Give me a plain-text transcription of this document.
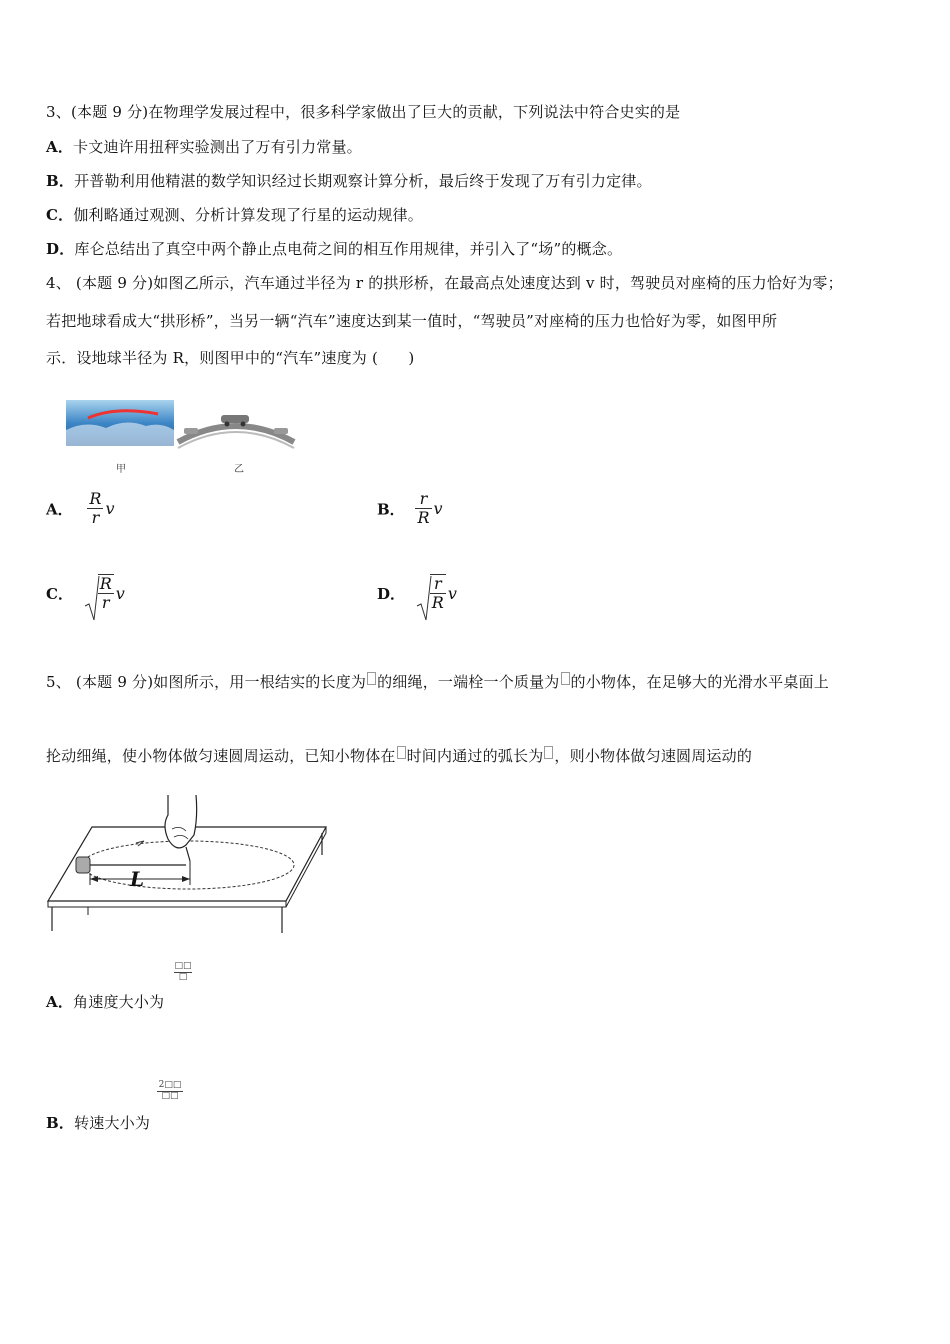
3、(本题 9 分)在物理学发展过程中，很多科学家做出了巨大的贡献，下列说法中符合史实的是
A．卡文迪许用扭秤实验测出了万有引力常量。
B．开普勒利用他精湛的数学知识经过长期观察计算分析，最后终于发现了万有引力定律。
C．伽利略通过观测、分析计算发现了行星的运动规律。
D．库仑总结出了真空中两个静止点电荷之间的相互作用规律，并引入了“场”的概念。
4、 (本题 9 分)如图乙所示，汽车通过半径为 r 的拱形桥，在最高点处速度达到 v 时，驾驶员对座椅的压力恰好为零；
若把地球看成大“拱形桥”，当另一辆“汽车”速度达到某一值时，“驾驶员”对座椅的压力也恰好为零，如图甲所
示．设地球半径为 R，则图甲中的“汽车”速度为 (　　)
甲	乙
A． $\frac{R}{r}$ v	B． $\frac{r}{R}$ v
C． $\frac{R}{r}$ v	D． $\frac{r}{R}$ v
5、 (本题 9 分)如图所示，用一根结实的长度为 的细绳，一端栓一个质量为 的小物体，在足够大的光滑水平桌面上
抡动细绳，使小物体做匀速圆周运动，已知小物体在 时间内通过的弧长为 ，则小物体做匀速圆周运动的
L
□□
□
A．角速度大小为
2□□
□□
B．转速大小为
